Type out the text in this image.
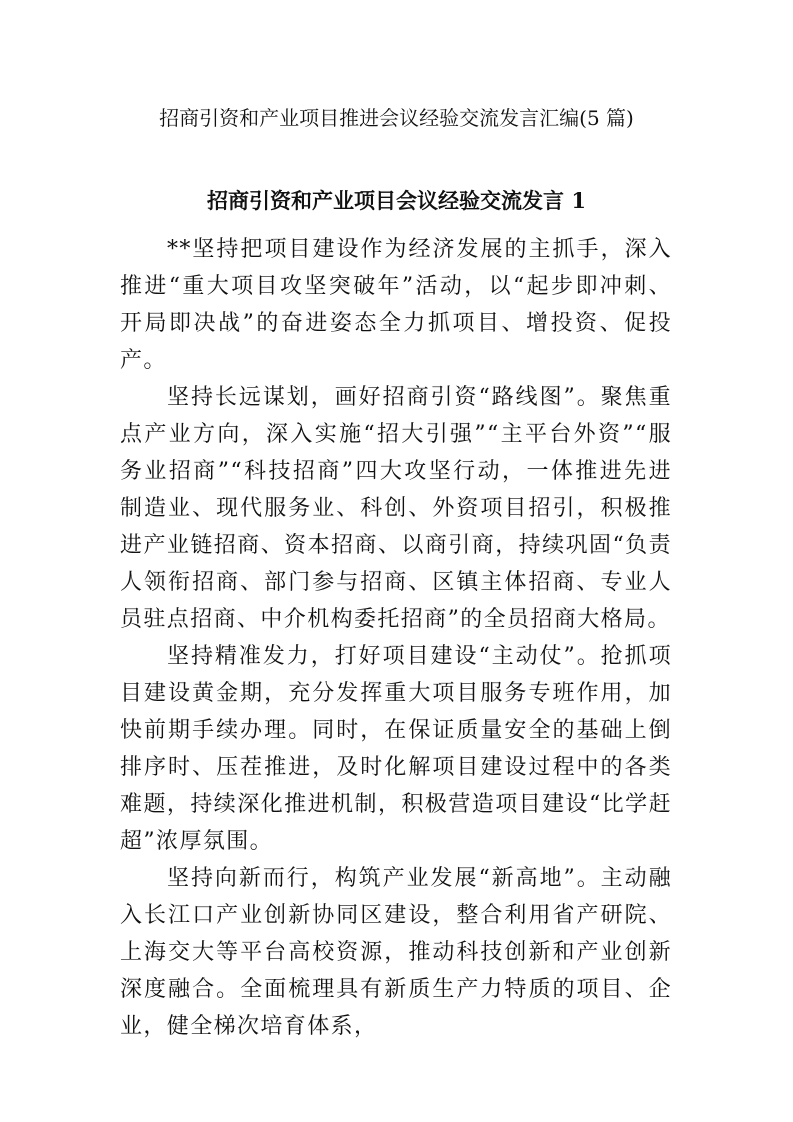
招商引资和产业项目推进会议经验交流发言汇编(5 篇)
招商引资和产业项目会议经验交流发言 1

**坚持把项目建设作为经济发展的主抓手，深入推进“重大项目攻坚突破年”活动，以“起步即冲刺、开局即决战”的奋进姿态全力抓项目、增投资、促投产。

坚持长远谋划，画好招商引资“路线图”。聚焦重点产业方向，深入实施“招大引强”“主平台外资”“服务业招商”“科技招商”四大攻坚行动，一体推进先进制造业、现代服务业、科创、外资项目招引，积极推进产业链招商、资本招商、以商引商，持续巩固“负责人领衔招商、部门参与招商、区镇主体招商、专业人员驻点招商、中介机构委托招商”的全员招商大格局。

坚持精准发力，打好项目建设“主动仗”。抢抓项目建设黄金期，充分发挥重大项目服务专班作用，加快前期手续办理。同时，在保证质量安全的基础上倒排序时、压茬推进，及时化解项目建设过程中的各类难题，持续深化推进机制，积极营造项目建设“比学赶超”浓厚氛围。

坚持向新而行，构筑产业发展“新高地”。主动融入长江口产业创新协同区建设，整合利用省产研院、上海交大等平台高校资源，推动科技创新和产业创新深度融合。全面梳理具有新质生产力特质的项目、企业，健全梯次培育体系，
